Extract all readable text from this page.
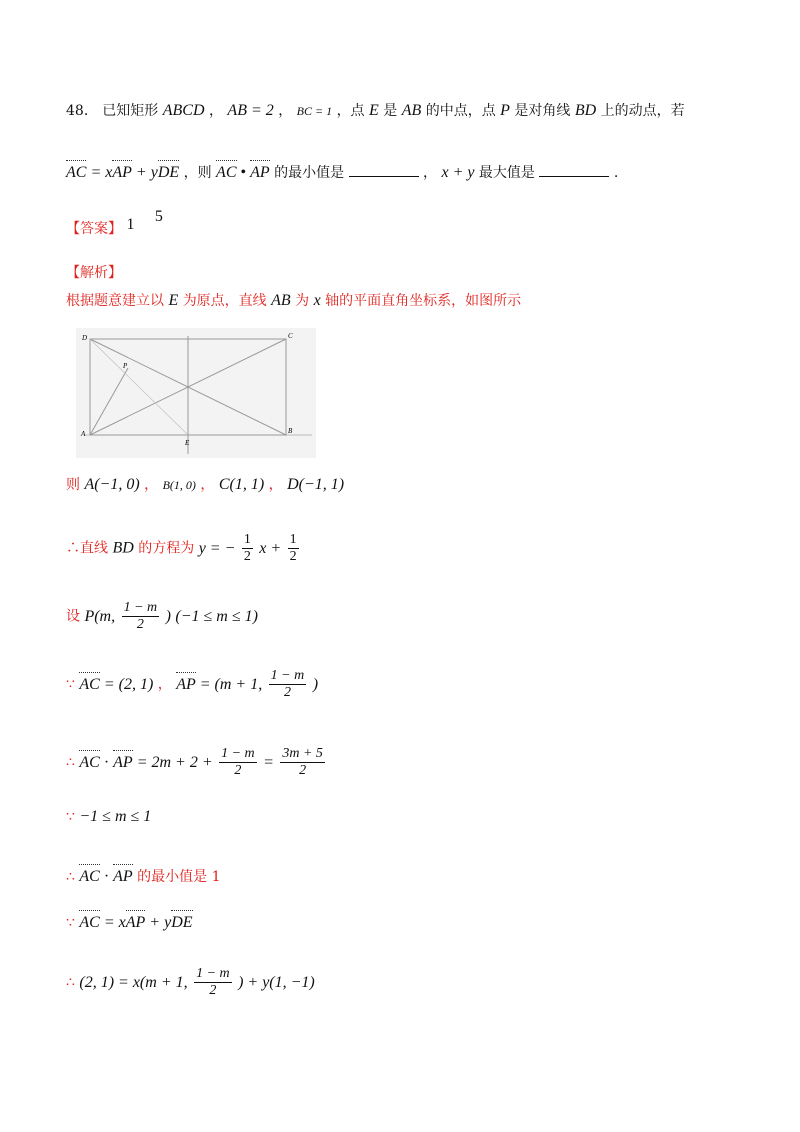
48． 已知矩形 ABCD ， AB = 2 ， BC = 1 ，点 E 是 AB 的中点，点 P 是对角线 BD 上的动点，若
AC = xAP + yDE ，则 AC • AP 的最小值是	， x + y 最大值是	.
【答案】 1 5
【解析】
根据题意建立以 E 为原点，直线 AB 为 x 轴的平面直角坐标系，如图所示
D	C
A	B
E
P
则 A(−1, 0) ， B(1, 0) ， C(1, 1) ， D(−1, 1)
∴直线 BD 的方程为 y = − $\frac{1}{2}$ $x + \frac{1}{2}$
设 P(m, $\frac{1 - m}{2}$ ) (−1 ≤ m ≤ 1)
∵ AC = (2, 1) ， AP = (m + 1, $\frac{1 - m}{2}$ )
∴ AC · AP = $2m + 2 + \frac{1 - m}{2} = \frac{3m + 5}{2}$
∵ −1 ≤ m ≤ 1
∴ AC · AP 的最小值是 1
∵ AC = xAP + yDE
∴ (2, 1) = x(m + 1, $\frac{1 - m}{2}$ ) + y(1, −1)
